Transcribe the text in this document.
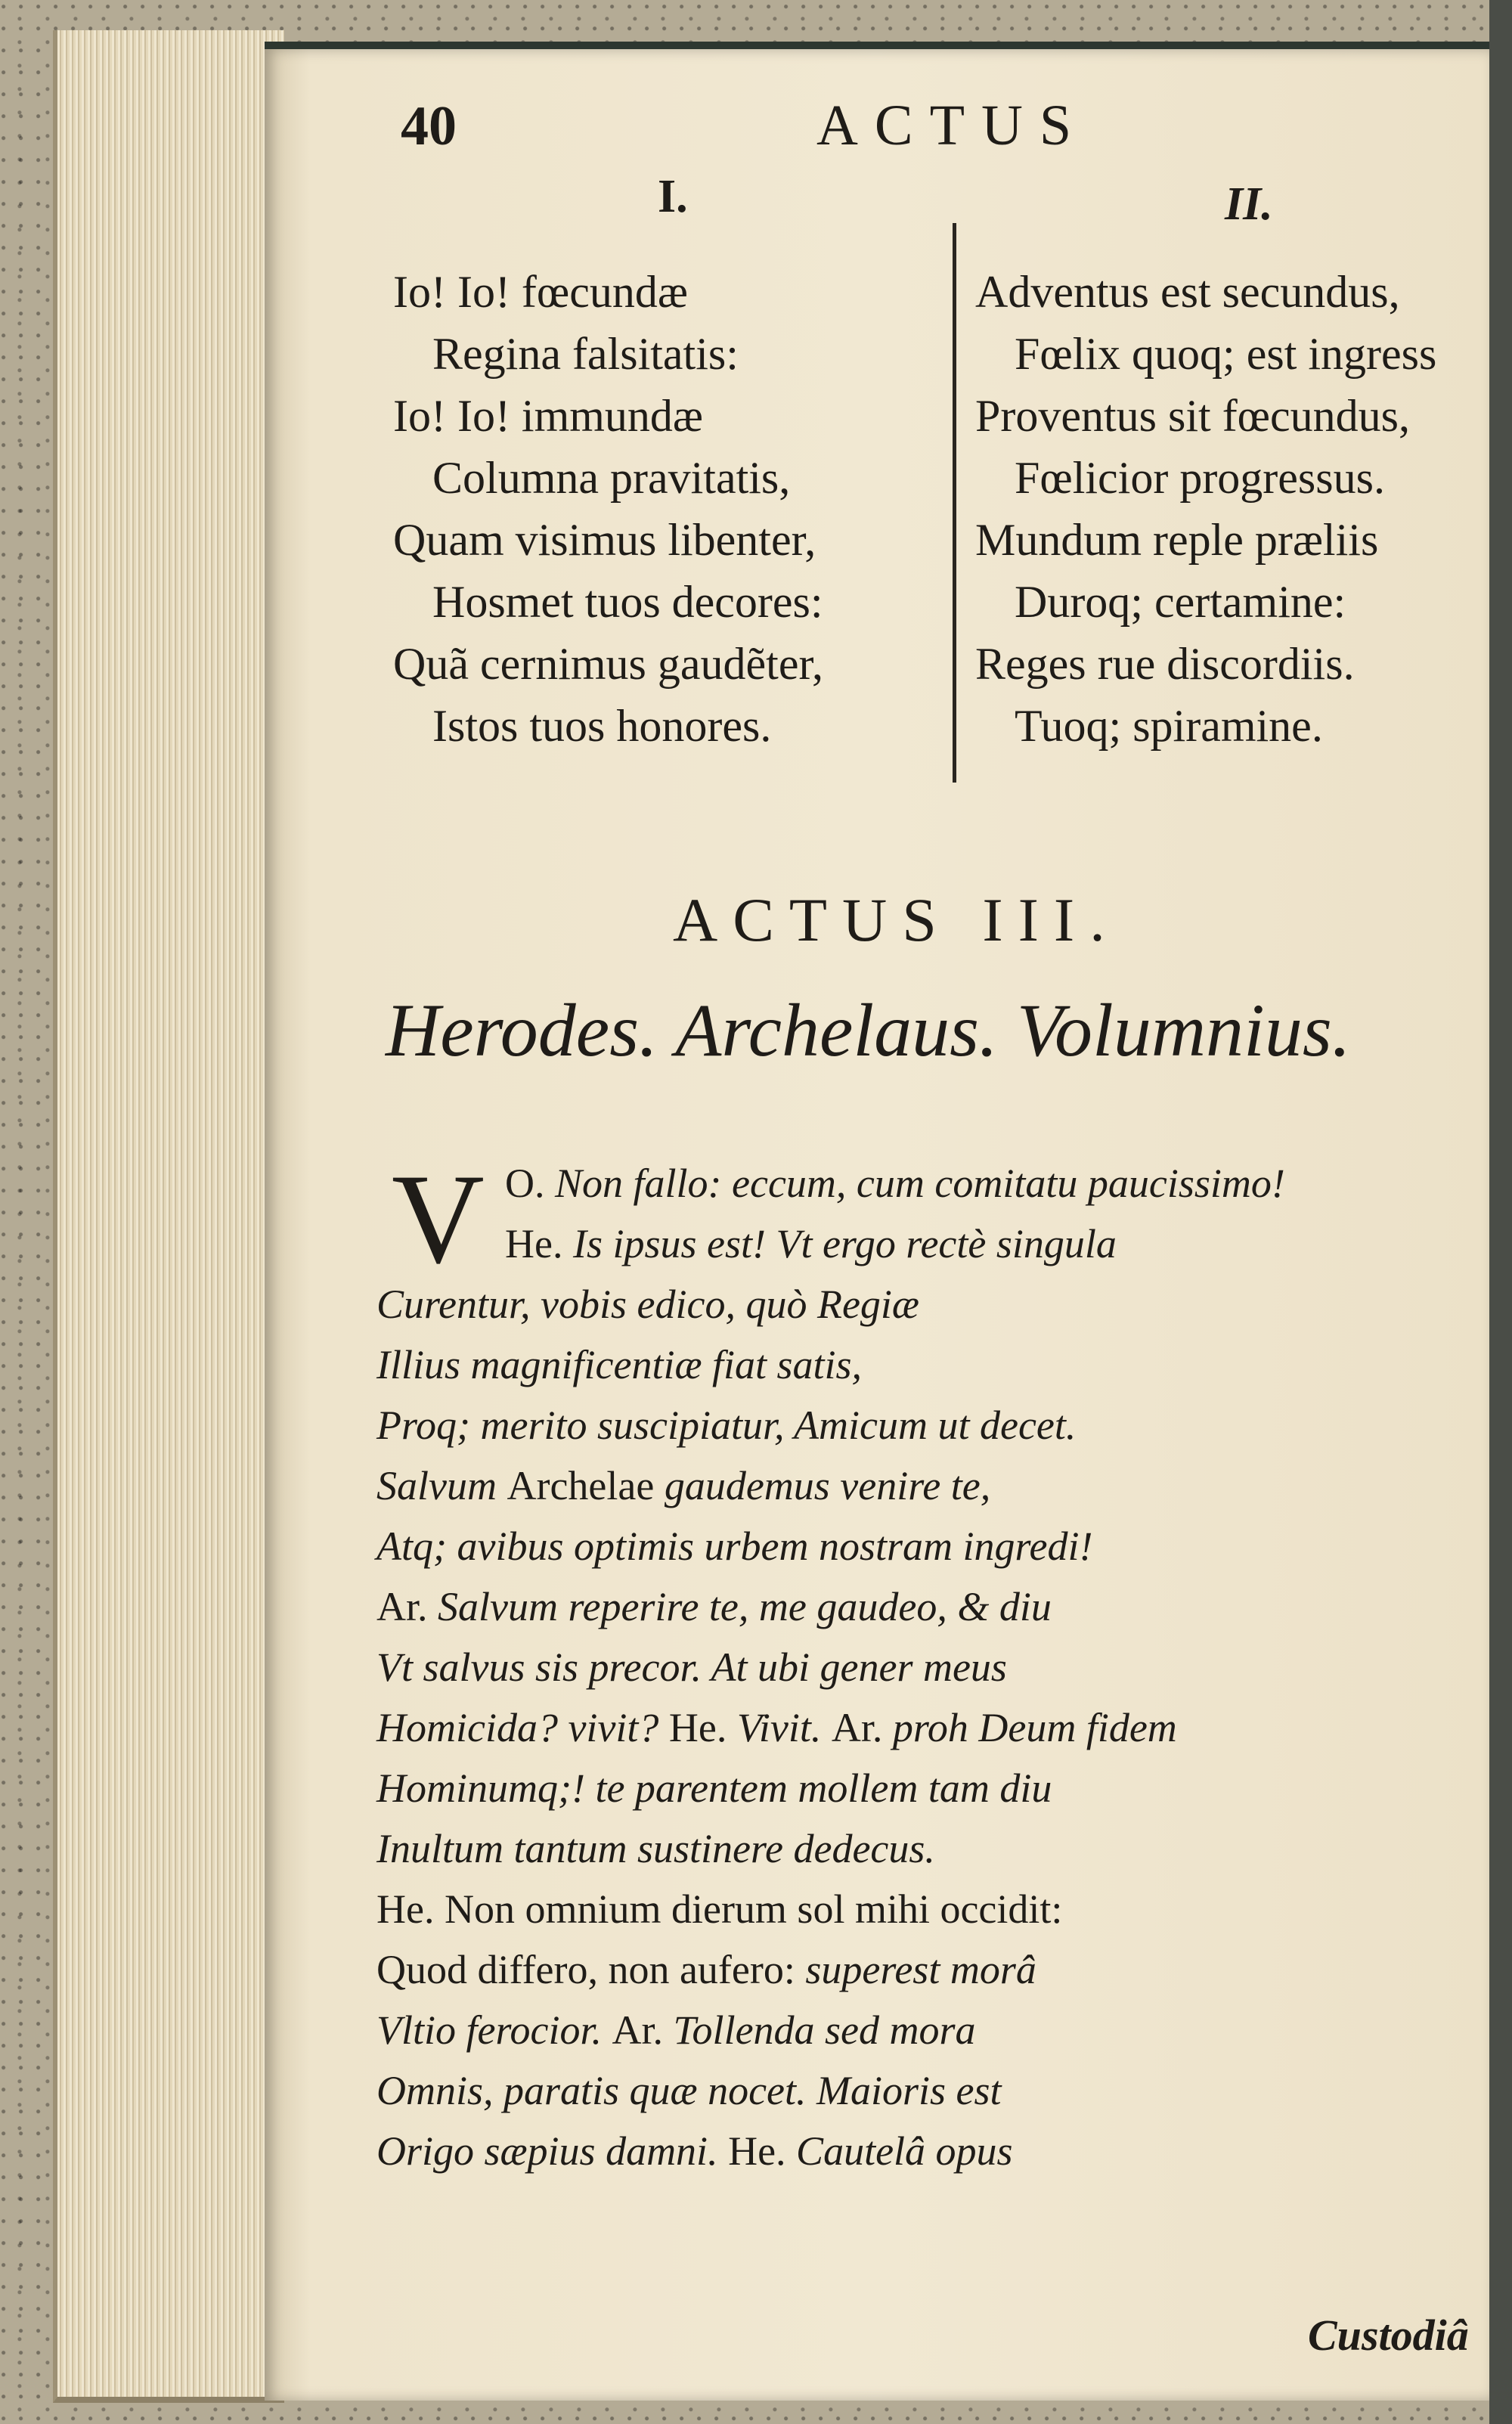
40	ACTUS
I.	II.
Io! Io! fœcundæ
Regina falsitatis:
Io! Io! immundæ
Columna pravitatis,
Quam visimus libenter,
Hosmet tuos decores:
Quã cernimus gaudẽter,
Istos tuos honores.
Adventus est secundus,
Fœlix quoq; est ingress
Proventus sit fœcundus,
Fœlicior progressus.
Mundum reple præliis
Duroq; certamine:
Reges rue discordiis.
Tuoq; spiramine.
ACTUS III.
Herodes. Archelaus. Volumnius.
V O. Non fallo: eccum, cum comitatu paucissimo!
He. Is ipsus est! Vt ergo rectè singula
Curentur, vobis edico, quò Regiæ
Illius magnificentiæ fiat satis,
Proq; merito suscipiatur, Amicum ut decet.
Salvum Archelae gaudemus venire te,
Atq; avibus optimis urbem nostram ingredi!
Ar. Salvum reperire te, me gaudeo, & diu
Vt salvus sis precor. At ubi gener meus
Homicida? vivit? He. Vivit. Ar. proh Deum fidem
Hominumq;! te parentem mollem tam diu
Inultum tantum sustinere dedecus.
He. Non omnium dierum sol mihi occidit:
Quod differo, non aufero: superest morâ
Vltio ferocior. Ar. Tollenda sed mora
Omnis, paratis quæ nocet. Maioris est
Origo sæpius damni. He. Cautelâ opus
Custodiâ
